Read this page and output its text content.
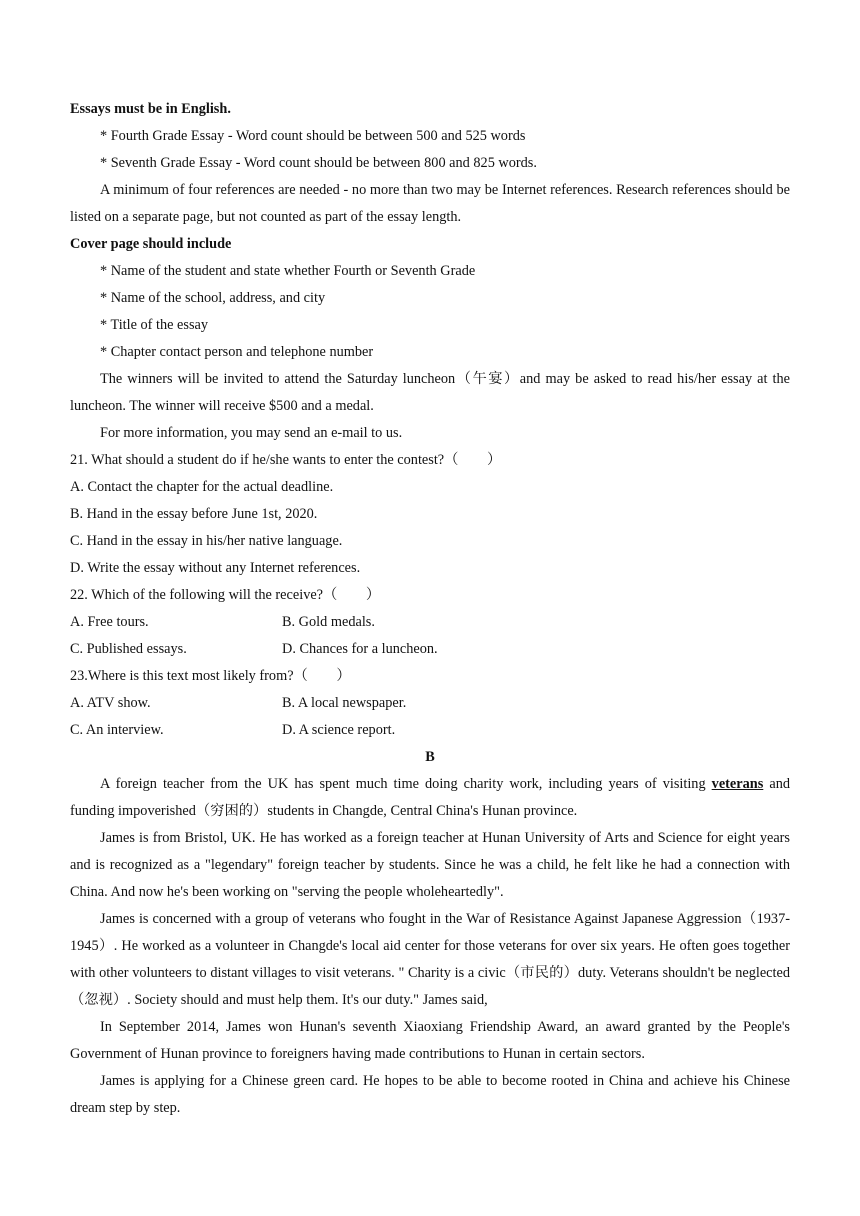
Essays must be in English.
* Fourth Grade Essay - Word count should be between 500 and 525 words
* Seventh Grade Essay - Word count should be between 800 and 825 words.
A minimum of four references are needed - no more than two may be Internet references. Research references should be listed on a separate page, but not counted as part of the essay length.
Cover page should include
* Name of the student and state whether Fourth or Seventh Grade
* Name of the school, address, and city
* Title of the essay
* Chapter contact person and telephone number
The winners will be invited to attend the Saturday luncheon（午宴）and may be asked to read his/her essay at the luncheon. The winner will receive $500 and a medal.
For more information, you may send an e-mail to us.
21. What should a student do if he/she wants to enter the contest?（　　）
A. Contact the chapter for the actual deadline.
B. Hand in the essay before June 1st, 2020.
C. Hand in the essay in his/her native language.
D. Write the essay without any Internet references.
22. Which of the following will the receive?（　　）
A. Free tours.	B. Gold medals.
C. Published essays.	D. Chances for a luncheon.
23.Where is this text most likely from?（　　）
A. ATV show.	B. A local newspaper.
C. An interview.	D. A science report.
B
A foreign teacher from the UK has spent much time doing charity work, including years of visiting veterans and funding impoverished（穷困的）students in Changde, Central China's Hunan province.
James is from Bristol, UK. He has worked as a foreign teacher at Hunan University of Arts and Science for eight years and is recognized as a "legendary" foreign teacher by students. Since he was a child, he felt like he had a connection with China. And now he's been working on "serving the people wholeheartedly".
James is concerned with a group of veterans who fought in the War of Resistance Against Japanese Aggression（1937-1945）. He worked as a volunteer in Changde's local aid center for those veterans for over six years. He often goes together with other volunteers to distant villages to visit veterans. " Charity is a civic（市民的）duty. Veterans shouldn't be neglected（忽视）. Society should and must help them. It's our duty." James said,
In September 2014, James won Hunan's seventh Xiaoxiang Friendship Award, an award granted by the People's Government of Hunan province to foreigners having made contributions to Hunan in certain sectors.
James is applying for a Chinese green card. He hopes to be able to become rooted in China and achieve his Chinese dream step by step.
